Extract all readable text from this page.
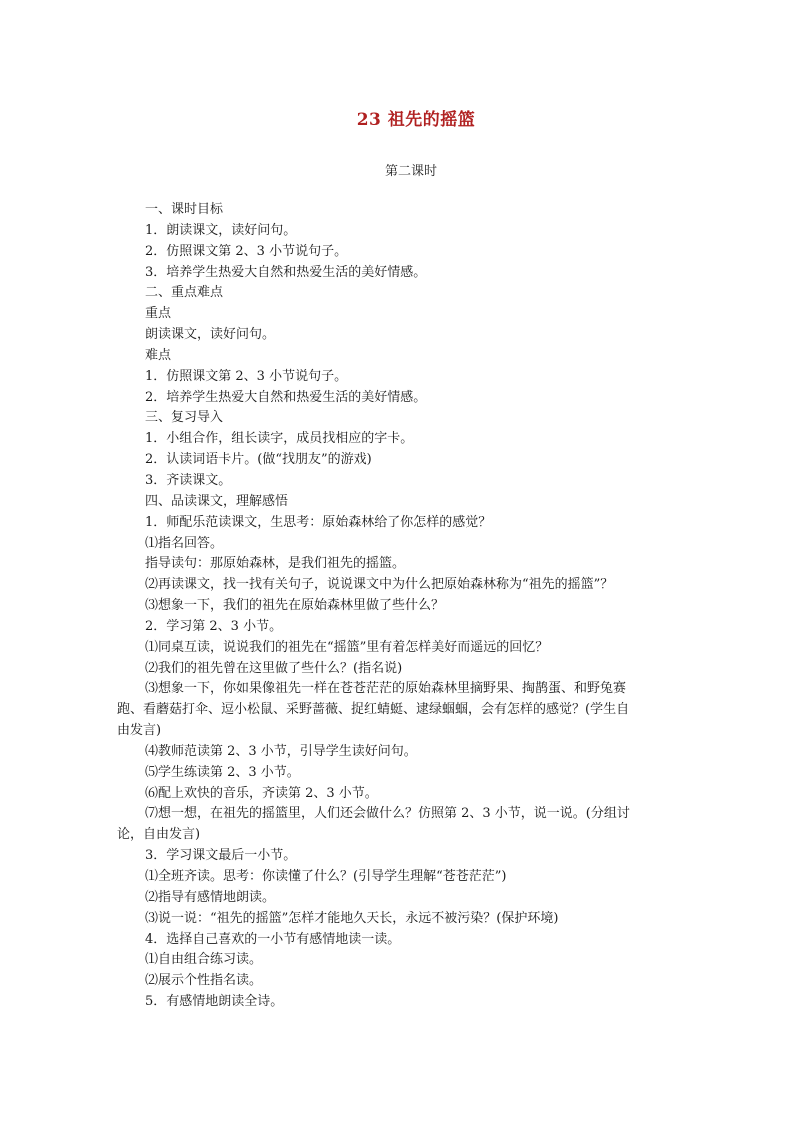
23 祖先的摇篮
第二课时

一、课时目标

1．朗读课文，读好问句。

2．仿照课文第 2、3 小节说句子。

3．培养学生热爱大自然和热爱生活的美好情感。

二、重点难点

重点

朗读课文，读好问句。

难点

1．仿照课文第 2、3 小节说句子。

2．培养学生热爱大自然和热爱生活的美好情感。

三、复习导入

1．小组合作，组长读字，成员找相应的字卡。

2．认读词语卡片。(做“找朋友”的游戏)

3．齐读课文。

四、品读课文，理解感悟

1．师配乐范读课文，生思考：原始森林给了你怎样的感觉？

⑴指名回答。

指导读句：那原始森林，是我们祖先的摇篮。

⑵再读课文，找一找有关句子，说说课文中为什么把原始森林称为“祖先的摇篮”？

⑶想象一下，我们的祖先在原始森林里做了些什么？

2．学习第 2、3 小节。

⑴同桌互读，说说我们的祖先在“摇篮”里有着怎样美好而遥远的回忆？

⑵我们的祖先曾在这里做了些什么？(指名说)

⑶想象一下，你如果像祖先一样在苍苍茫茫的原始森林里摘野果、掏鹊蛋、和野兔赛

跑、看蘑菇打伞、逗小松鼠、采野蔷薇、捉红蜻蜓、逮绿蝈蝈，会有怎样的感觉？(学生自

由发言)

⑷教师范读第 2、3 小节，引导学生读好问句。

⑸学生练读第 2、3 小节。

⑹配上欢快的音乐，齐读第 2、3 小节。

⑺想一想，在祖先的摇篮里，人们还会做什么？仿照第 2、3 小节，说一说。(分组讨

论，自由发言)

3．学习课文最后一小节。

⑴全班齐读。思考：你读懂了什么？(引导学生理解“苍苍茫茫”)

⑵指导有感情地朗读。

⑶说一说：“祖先的摇篮”怎样才能地久天长，永远不被污染？(保护环境)

4．选择自己喜欢的一小节有感情地读一读。

⑴自由组合练习读。

⑵展示个性指名读。

5．有感情地朗读全诗。
